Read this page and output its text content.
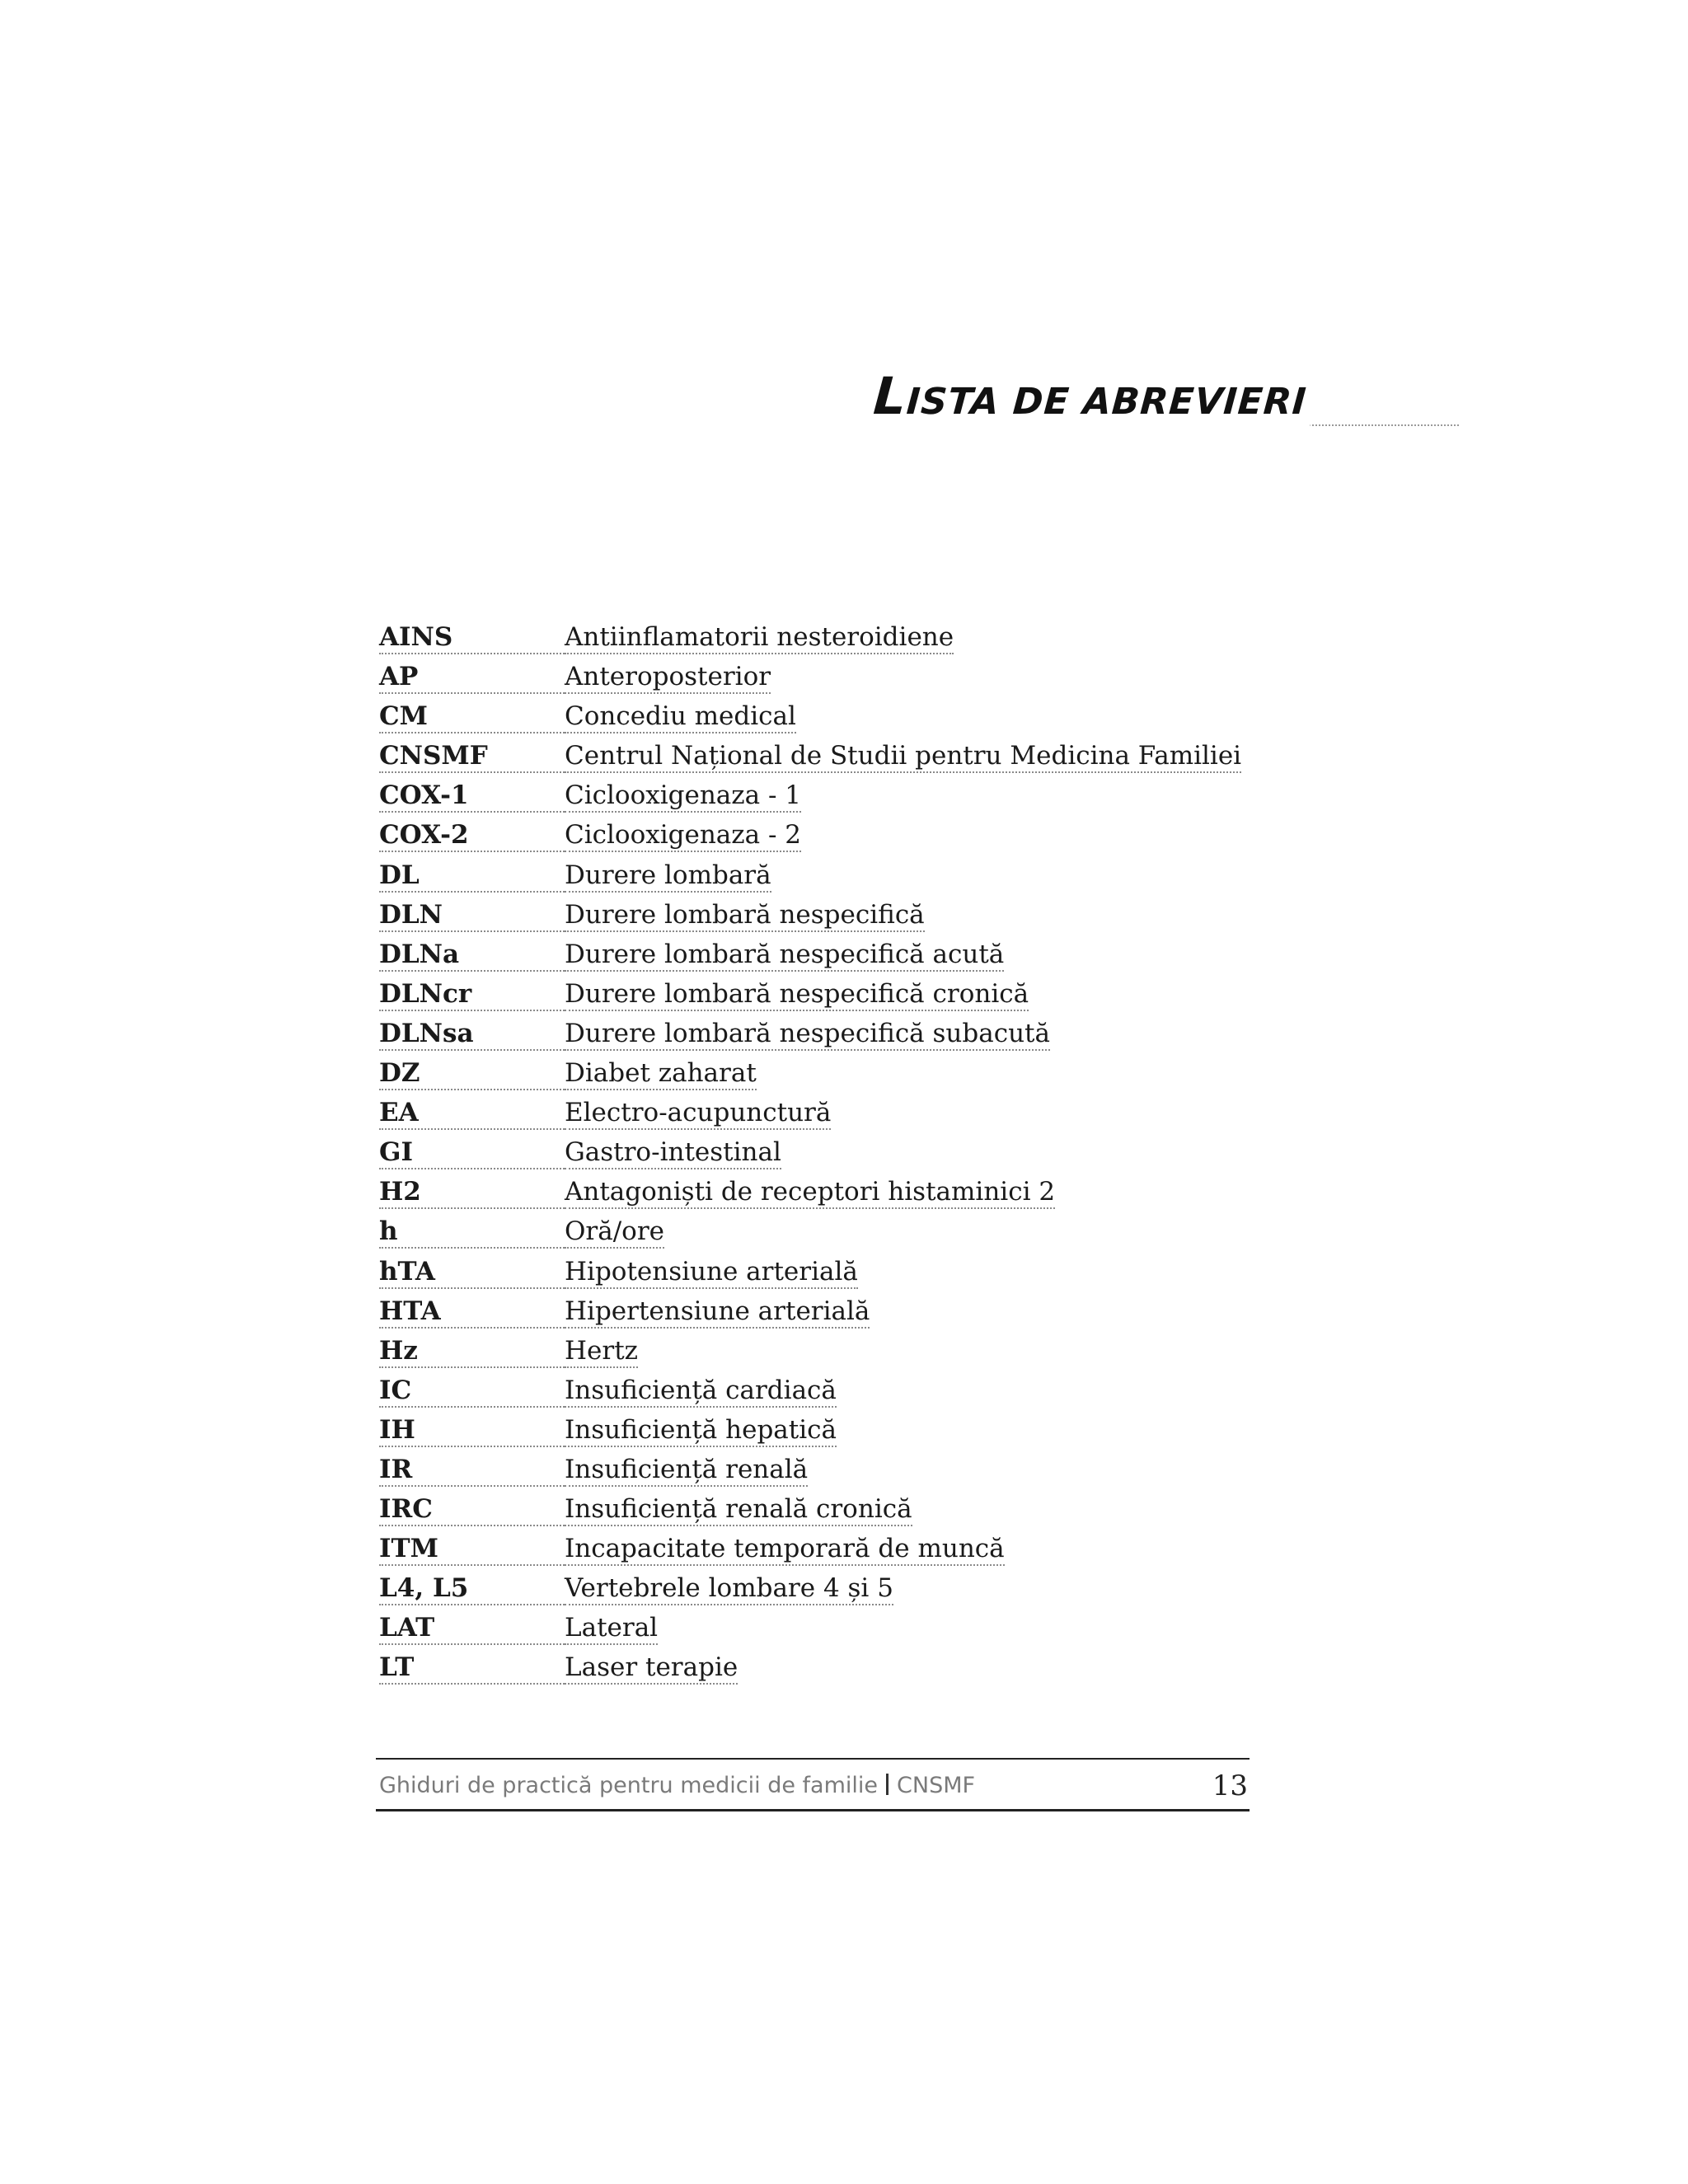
LISTA DE ABREVIERI
AINS	Antiinflamatorii nesteroidiene
AP	Anteroposterior
CM	Concediu medical
CNSMF	Centrul Național de Studii pentru Medicina Familiei
COX-1	Ciclooxigenaza - 1
COX-2	Ciclooxigenaza - 2
DL	Durere lombară
DLN	Durere lombară nespecifică
DLNa	Durere lombară nespecifică acută
DLNcr	Durere lombară nespecifică cronică
DLNsa	Durere lombară nespecifică subacută
DZ	Diabet zaharat
EA	Electro-acupunctură
GI	Gastro-intestinal
H2	Antagoniști de receptori histaminici 2
h	Oră/ore
hTA	Hipotensiune arterială
HTA	Hipertensiune arterială
Hz	Hertz
IC	Insuficiență cardiacă
IH	Insuficiență hepatică
IR	Insuficiență renală
IRC	Insuficiență renală cronică
ITM	Incapacitate temporară de muncă
L4, L5	Vertebrele lombare 4 și 5
LAT	Lateral
LT	Laser terapie
Ghiduri de practică pentru medicii de familie CNSMF	13
